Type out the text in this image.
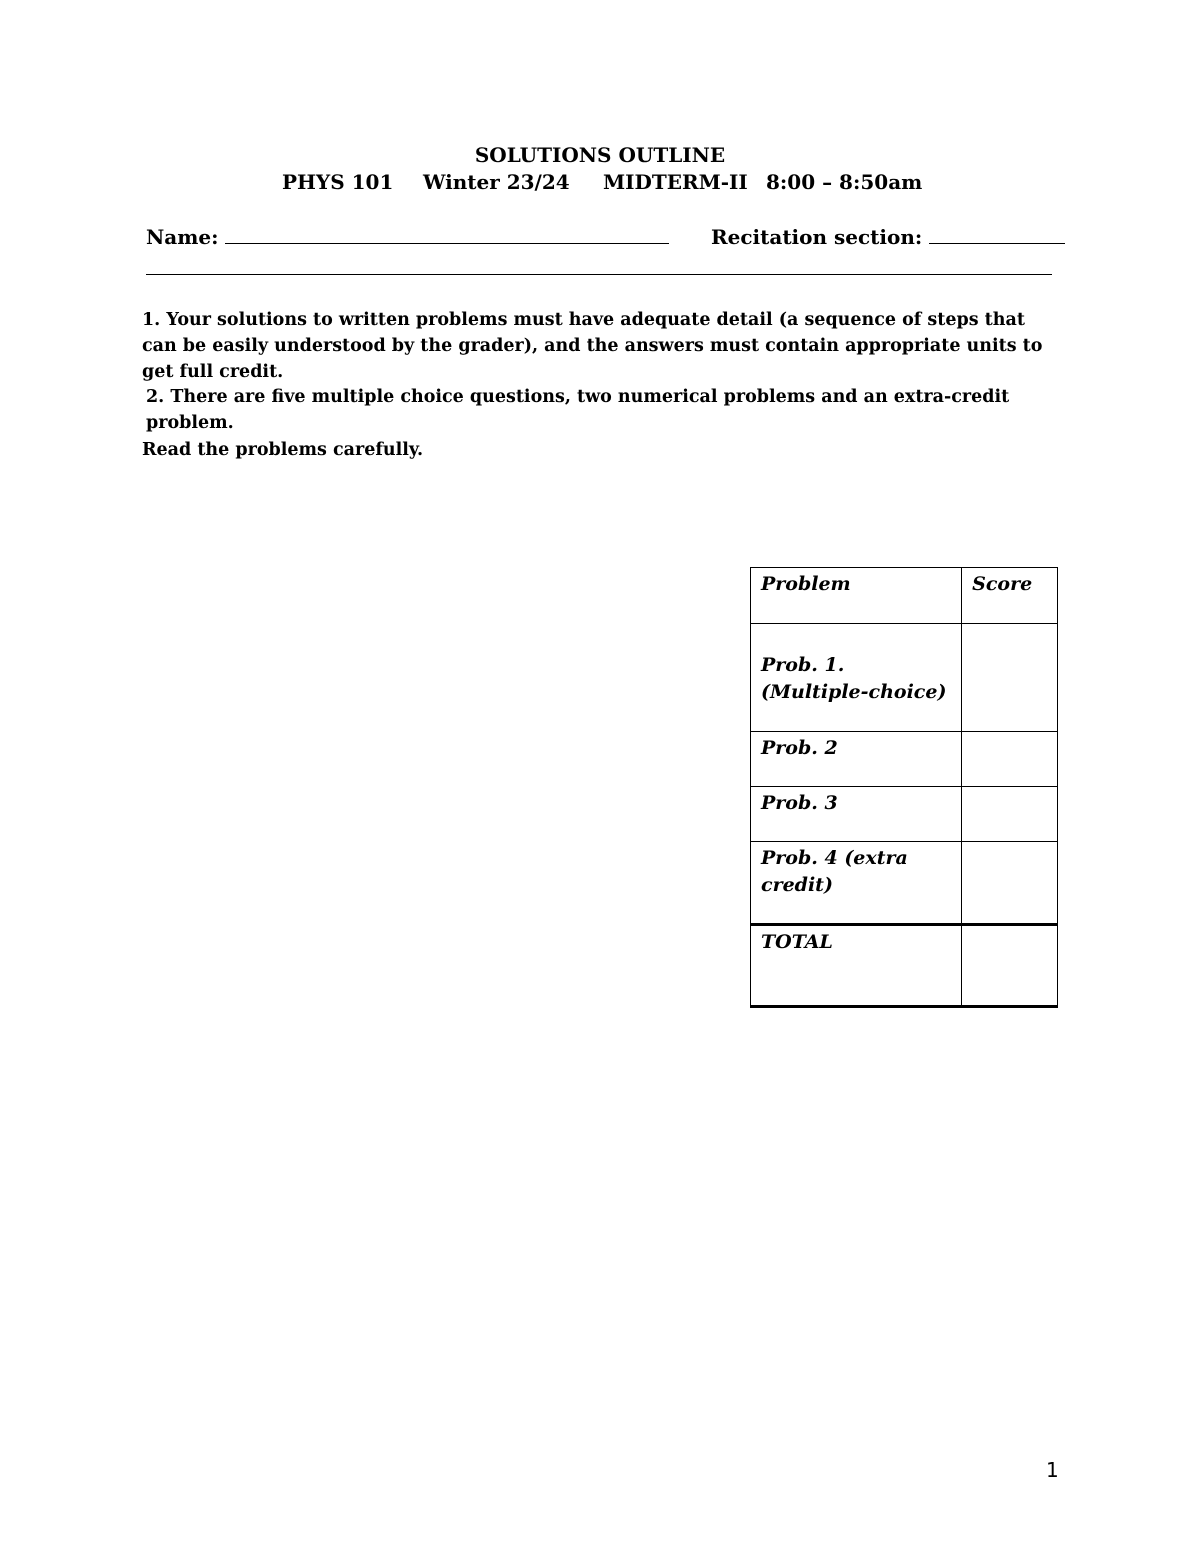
SOLUTIONS OUTLINE
PHYS 101 Winter 23/24 MIDTERM-II 8:00 – 8:50am
Name:	Recitation section:
1. Your solutions to written problems must have adequate detail (a sequence of steps that can be easily understood by the grader), and the answers must contain appropriate units to get full credit.
2. There are five multiple choice questions, two numerical problems and an extra-credit problem.
Read the problems carefully.
Problem	Score
Prob. 1. (Multiple-choice)	
Prob. 2	
Prob. 3	
Prob. 4 (extra credit)	
TOTAL	
1
